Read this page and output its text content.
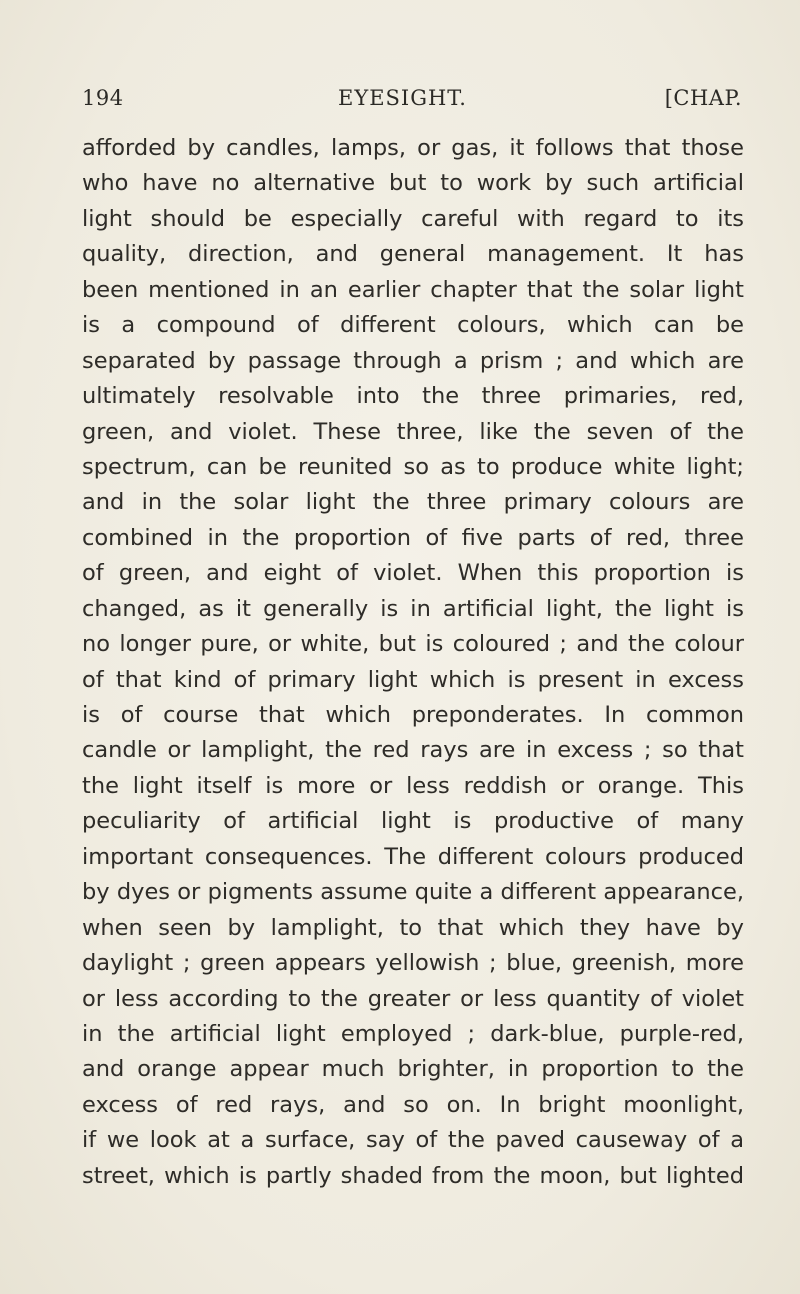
194	EYESIGHT.	[CHAP.
afforded by candles, lamps, or gas, it follows that those
who have no alternative but to work by such artificial
light should be especially careful with regard to its
quality, direction, and general management. It has
been mentioned in an earlier chapter that the solar light
is a compound of different colours, which can be
separated by passage through a prism ; and which are
ultimately resolvable into the three primaries, red,
green, and violet. These three, like the seven of the
spectrum, can be reunited so as to produce white light;
and in the solar light the three primary colours are
combined in the proportion of five parts of red, three
of green, and eight of violet. When this proportion is
changed, as it generally is in artificial light, the light is
no longer pure, or white, but is coloured ; and the colour
of that kind of primary light which is present in excess
is of course that which preponderates. In common
candle or lamplight, the red rays are in excess ; so that
the light itself is more or less reddish or orange. This
peculiarity of artificial light is productive of many
important consequences. The different colours produced
by dyes or pigments assume quite a different appearance,
when seen by lamplight, to that which they have by
daylight ; green appears yellowish ; blue, greenish, more
or less according to the greater or less quantity of violet
in the artificial light employed ; dark-blue, purple-red,
and orange appear much brighter, in proportion to the
excess of red rays, and so on. In bright moonlight,
if we look at a surface, say of the paved causeway of a
street, which is partly shaded from the moon, but lighted
